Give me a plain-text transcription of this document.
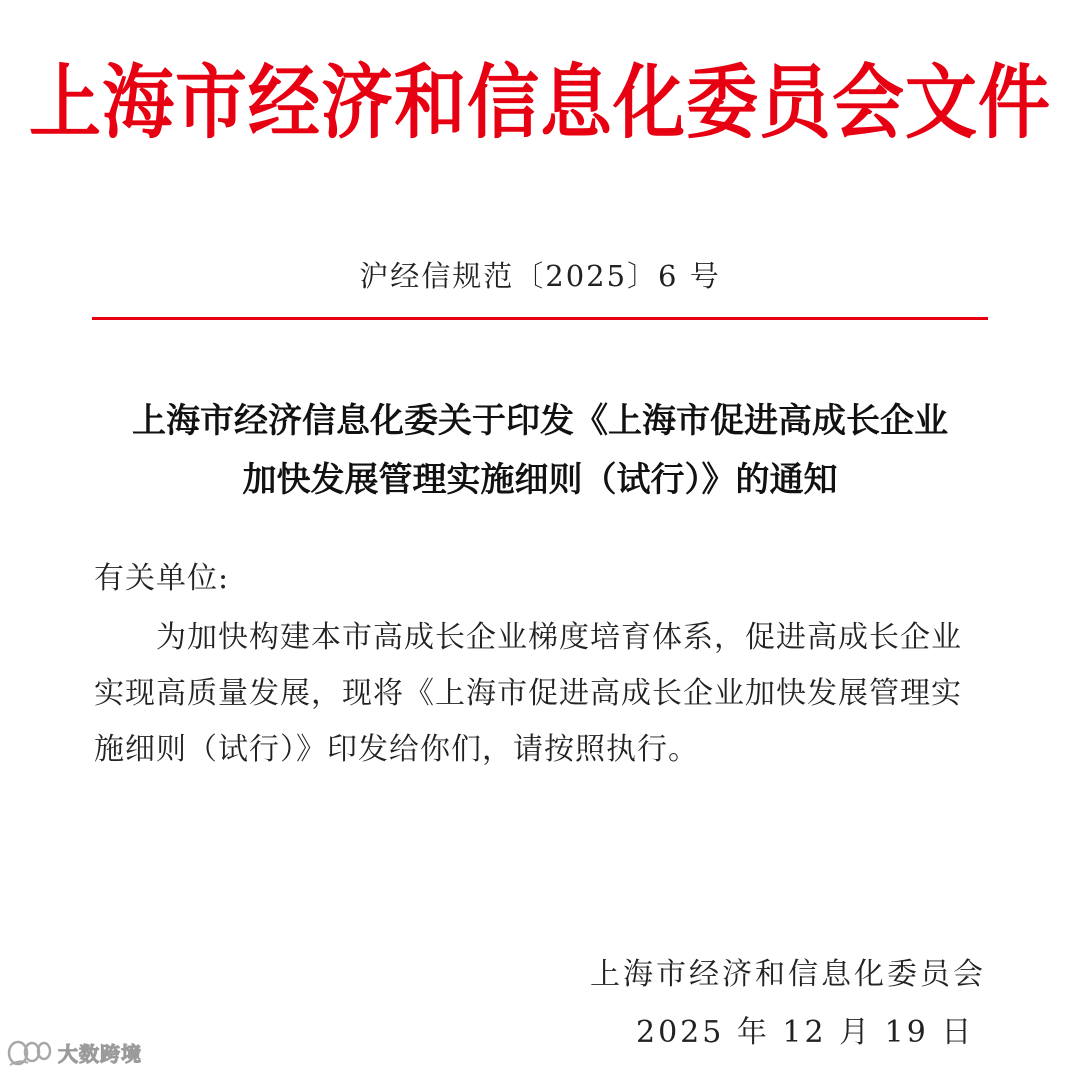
上海市经济和信息化委员会文件
沪经信规范〔2025〕6 号
上海市经济信息化委关于印发《上海市促进高成长企业
加快发展管理实施细则（试行）》的通知
有关单位:
为加快构建本市高成长企业梯度培育体系，促进高成长企业
实现高质量发展，现将《上海市促进高成长企业加快发展管理实
施细则（试行）》印发给你们，请按照执行。
上海市经济和信息化委员会
2025 年 12 月 19 日
大数跨境
